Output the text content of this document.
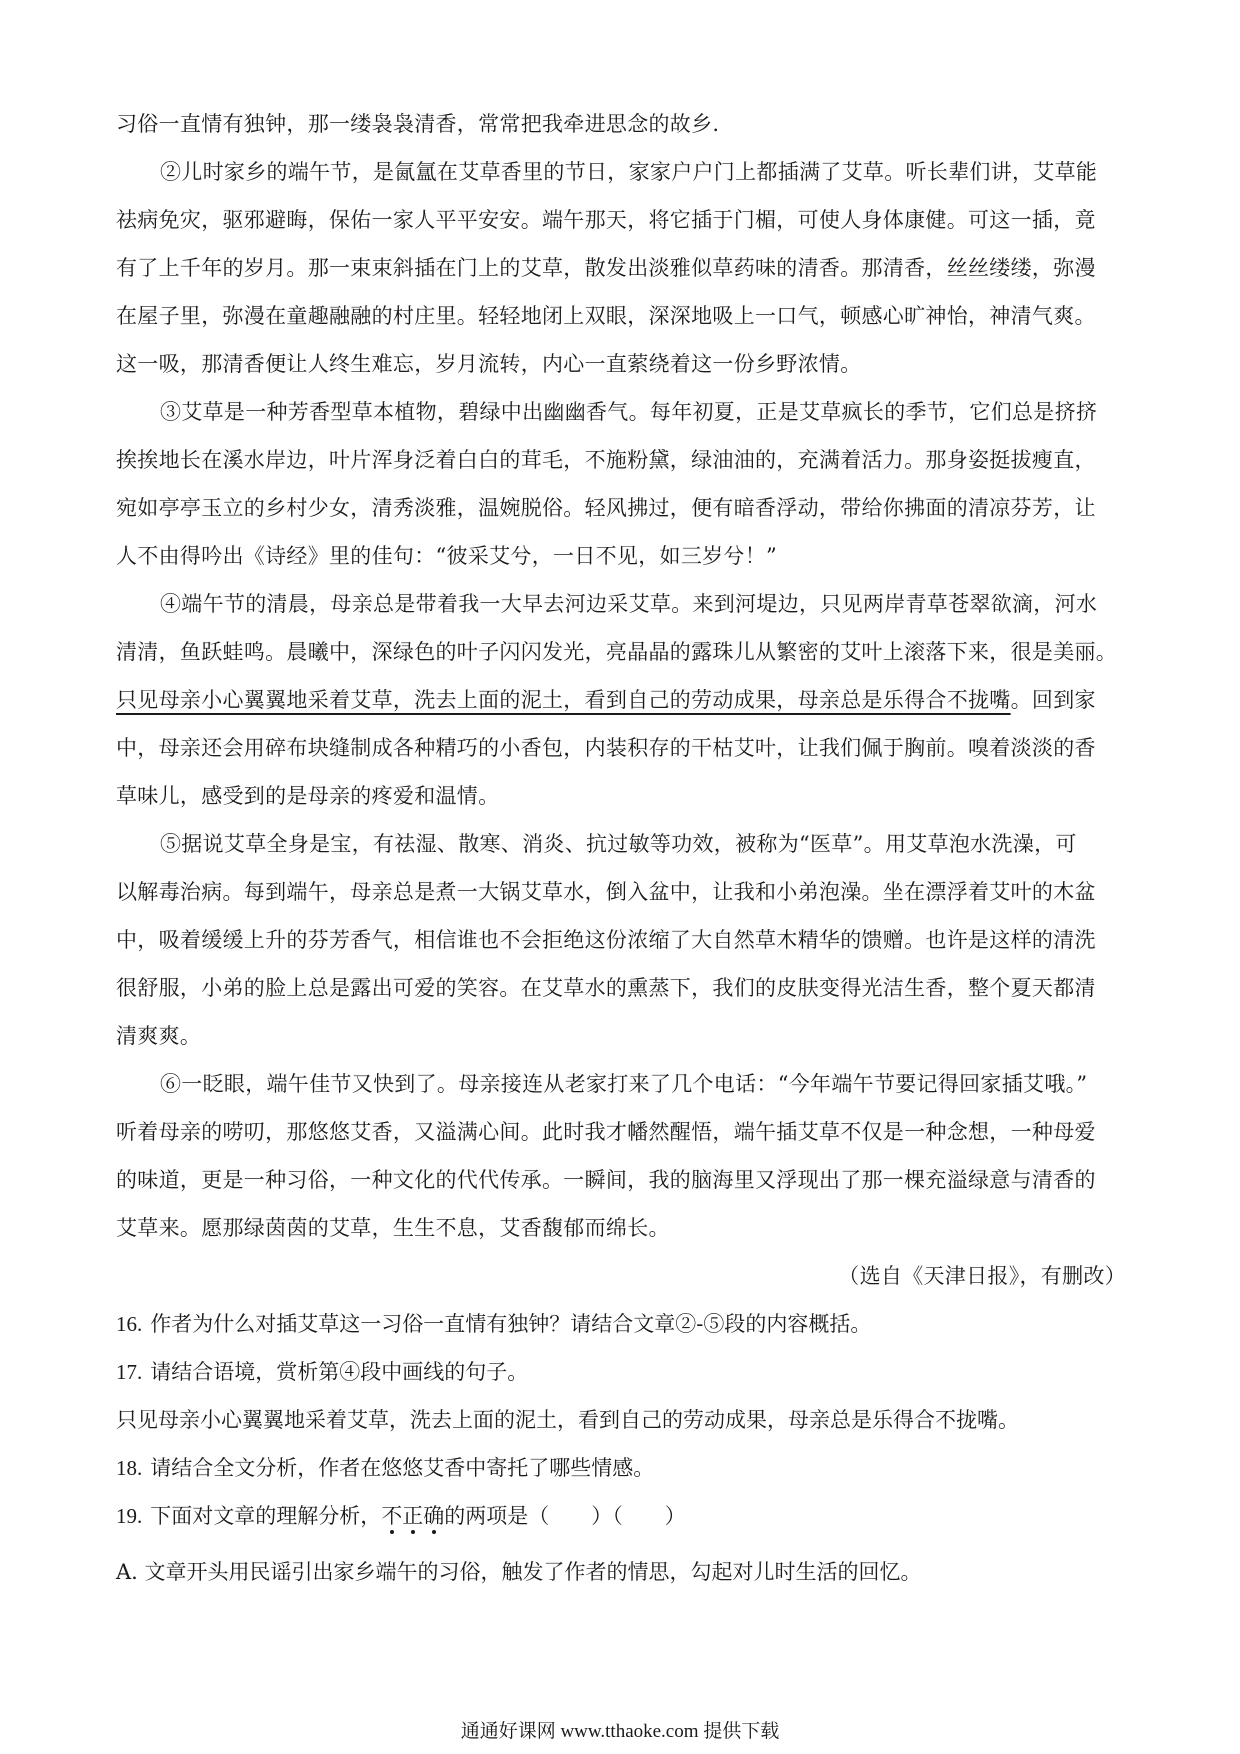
习俗一直情有独钟，那一缕袅袅清香，常常把我牵进思念的故乡.
②儿时家乡的端午节，是氤氲在艾草香里的节日，家家户户门上都插满了艾草。听长辈们讲，艾草能
祛病免灾，驱邪避晦，保佑一家人平平安安。端午那天，将它插于门楣，可使人身体康健。可这一插，竟
有了上千年的岁月。那一束束斜插在门上的艾草，散发出淡雅似草药味的清香。那清香，丝丝缕缕，弥漫
在屋子里，弥漫在童趣融融的村庄里。轻轻地闭上双眼，深深地吸上一口气，顿感心旷神怡，神清气爽。
这一吸，那清香便让人终生难忘，岁月流转，内心一直萦绕着这一份乡野浓情。
③艾草是一种芳香型草本植物，碧绿中出幽幽香气。每年初夏，正是艾草疯长的季节，它们总是挤挤
挨挨地长在溪水岸边，叶片浑身泛着白白的茸毛，不施粉黛，绿油油的，充满着活力。那身姿挺拔瘦直，
宛如亭亭玉立的乡村少女，清秀淡雅，温婉脱俗。轻风拂过，便有暗香浮动，带给你拂面的清凉芬芳，让
人不由得吟出《诗经》里的佳句：“彼采艾兮，一日不见，如三岁兮！”
④端午节的清晨，母亲总是带着我一大早去河边采艾草。来到河堤边，只见两岸青草苍翠欲滴，河水
清清，鱼跃蛙鸣。晨曦中，深绿色的叶子闪闪发光，亮晶晶的露珠儿从繁密的艾叶上滚落下来，很是美丽。
只见母亲小心翼翼地采着艾草，洗去上面的泥土，看到自己的劳动成果，母亲总是乐得合不拢嘴。回到家
中，母亲还会用碎布块缝制成各种精巧的小香包，内装积存的干枯艾叶，让我们佩于胸前。嗅着淡淡的香
草味儿，感受到的是母亲的疼爱和温情。
⑤据说艾草全身是宝，有祛湿、散寒、消炎、抗过敏等功效，被称为“医草”。用艾草泡水洗澡，可
以解毒治病。每到端午，母亲总是煮一大锅艾草水，倒入盆中，让我和小弟泡澡。坐在漂浮着艾叶的木盆
中，吸着缓缓上升的芬芳香气，相信谁也不会拒绝这份浓缩了大自然草木精华的馈赠。也许是这样的清洗
很舒服，小弟的脸上总是露出可爱的笑容。在艾草水的熏蒸下，我们的皮肤变得光洁生香，整个夏天都清
清爽爽。
⑥一眨眼，端午佳节又快到了。母亲接连从老家打来了几个电话：“今年端午节要记得回家插艾哦。”
听着母亲的唠叨，那悠悠艾香，又溢满心间。此时我才幡然醒悟，端午插艾草不仅是一种念想，一种母爱
的味道，更是一种习俗，一种文化的代代传承。一瞬间，我的脑海里又浮现出了那一棵充溢绿意与清香的
艾草来。愿那绿茵茵的艾草，生生不息，艾香馥郁而绵长。
（选自《天津日报》，有删改）
16. 作者为什么对插艾草这一习俗一直情有独钟？请结合文章②-⑤段的内容概括。
17. 请结合语境，赏析第④段中画线的句子。
只见母亲小心翼翼地采着艾草，洗去上面的泥土，看到自己的劳动成果，母亲总是乐得合不拢嘴。
18. 请结合全文分析，作者在悠悠艾香中寄托了哪些情感。
19. 下面对文章的理解分析，不
正
确
的两项是（　　）（　　）
A. 文章开头用民谣引出家乡端午的习俗，触发了作者的情思，勾起对儿时生活的回忆。
通通好课网 www.tthaoke.com 提供下载
